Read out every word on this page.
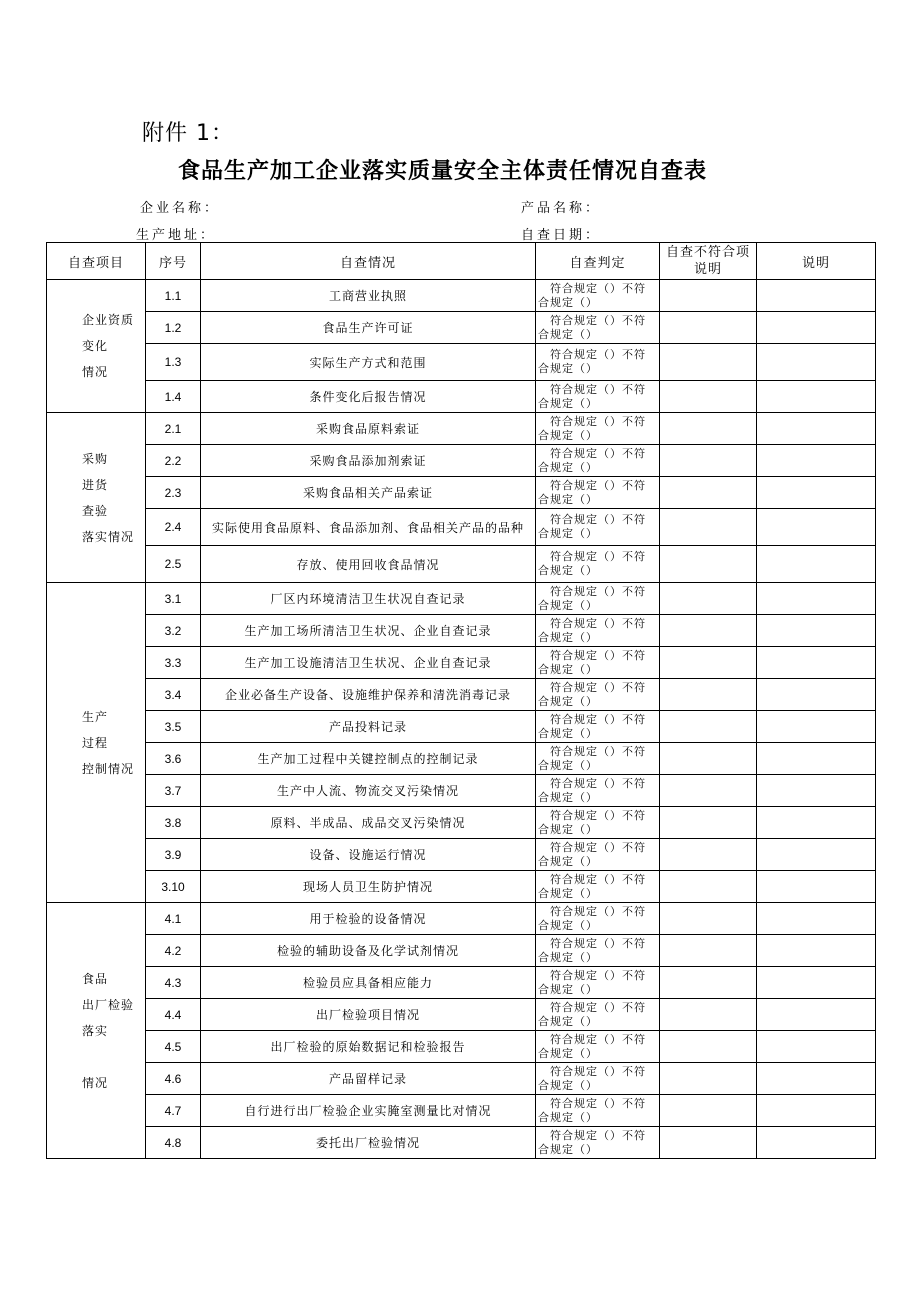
附件 1：
食品生产加工企业落实质量安全主体责任情况自查表
企业名称：	产品名称：
生产地址：	自查日期：
自查项目	序号	自查情况	自查判定	自查不符合项说明	说明

企业资质
变化
情况	1.1	工商营业执照	符合规定（）不符
合规定（）		

	1.2	食品生产许可证	符合规定（）不符
合规定（）		

	1.3	实际生产方式和范围	符合规定（）不符
合规定（）		

	1.4	条件变化后报告情况	符合规定（）不符
合规定（）		

采购
进货
查验
落实情况	2.1	采购食品原料索证	符合规定（）不符
合规定（）		

	2.2	采购食品添加剂索证	符合规定（）不符
合规定（）		

	2.3	采购食品相关产品索证	符合规定（）不符
合规定（）		

	2.4	实际使用食品原料、食品添加剂、食品相关产品的品种	符合规定（）不符
合规定（）		

	2.5	存放、使用回收食品情况	符合规定（）不符
合规定（）		

生产
过程
控制情况	3.1	厂区内环境清洁卫生状况自查记录	符合规定（）不符
合规定（）		

	3.2	生产加工场所清洁卫生状况、企业自查记录	符合规定（）不符
合规定（）		

	3.3	生产加工设施清洁卫生状况、企业自查记录	符合规定（）不符
合规定（）		

	3.4	企业必备生产设备、设施维护保养和清洗消毒记录	符合规定（）不符
合规定（）		

	3.5	产品投料记录	符合规定（）不符
合规定（）		

	3.6	生产加工过程中关键控制点的控制记录	符合规定（）不符
合规定（）		

	3.7	生产中人流、物流交叉污染情况	符合规定（）不符
合规定（）		

	3.8	原料、半成品、成品交叉污染情况	符合规定（）不符
合规定（）		

	3.9	设备、设施运行情况	符合规定（）不符
合规定（）		

	3.10	现场人员卫生防护情况	符合规定（）不符
合规定（）		

食品
出厂检验
落实

情况	4.1	用于检验的设备情况	符合规定（）不符
合规定（）		

	4.2	检验的辅助设备及化学试剂情况	符合规定（）不符
合规定（）		

	4.3	检验员应具备相应能力	符合规定（）不符
合规定（）		

	4.4	出厂检验项目情况	符合规定（）不符
合规定（）		

	4.5	出厂检验的原始数据记和检验报告	符合规定（）不符
合规定（）		

	4.6	产品留样记录	符合规定（）不符
合规定（）		

	4.7	自行进行出厂检验企业实腌室测量比对情况	符合规定（）不符
合规定（）		

	4.8	委托出厂检验情况	符合规定（）不符
合规定（）		
